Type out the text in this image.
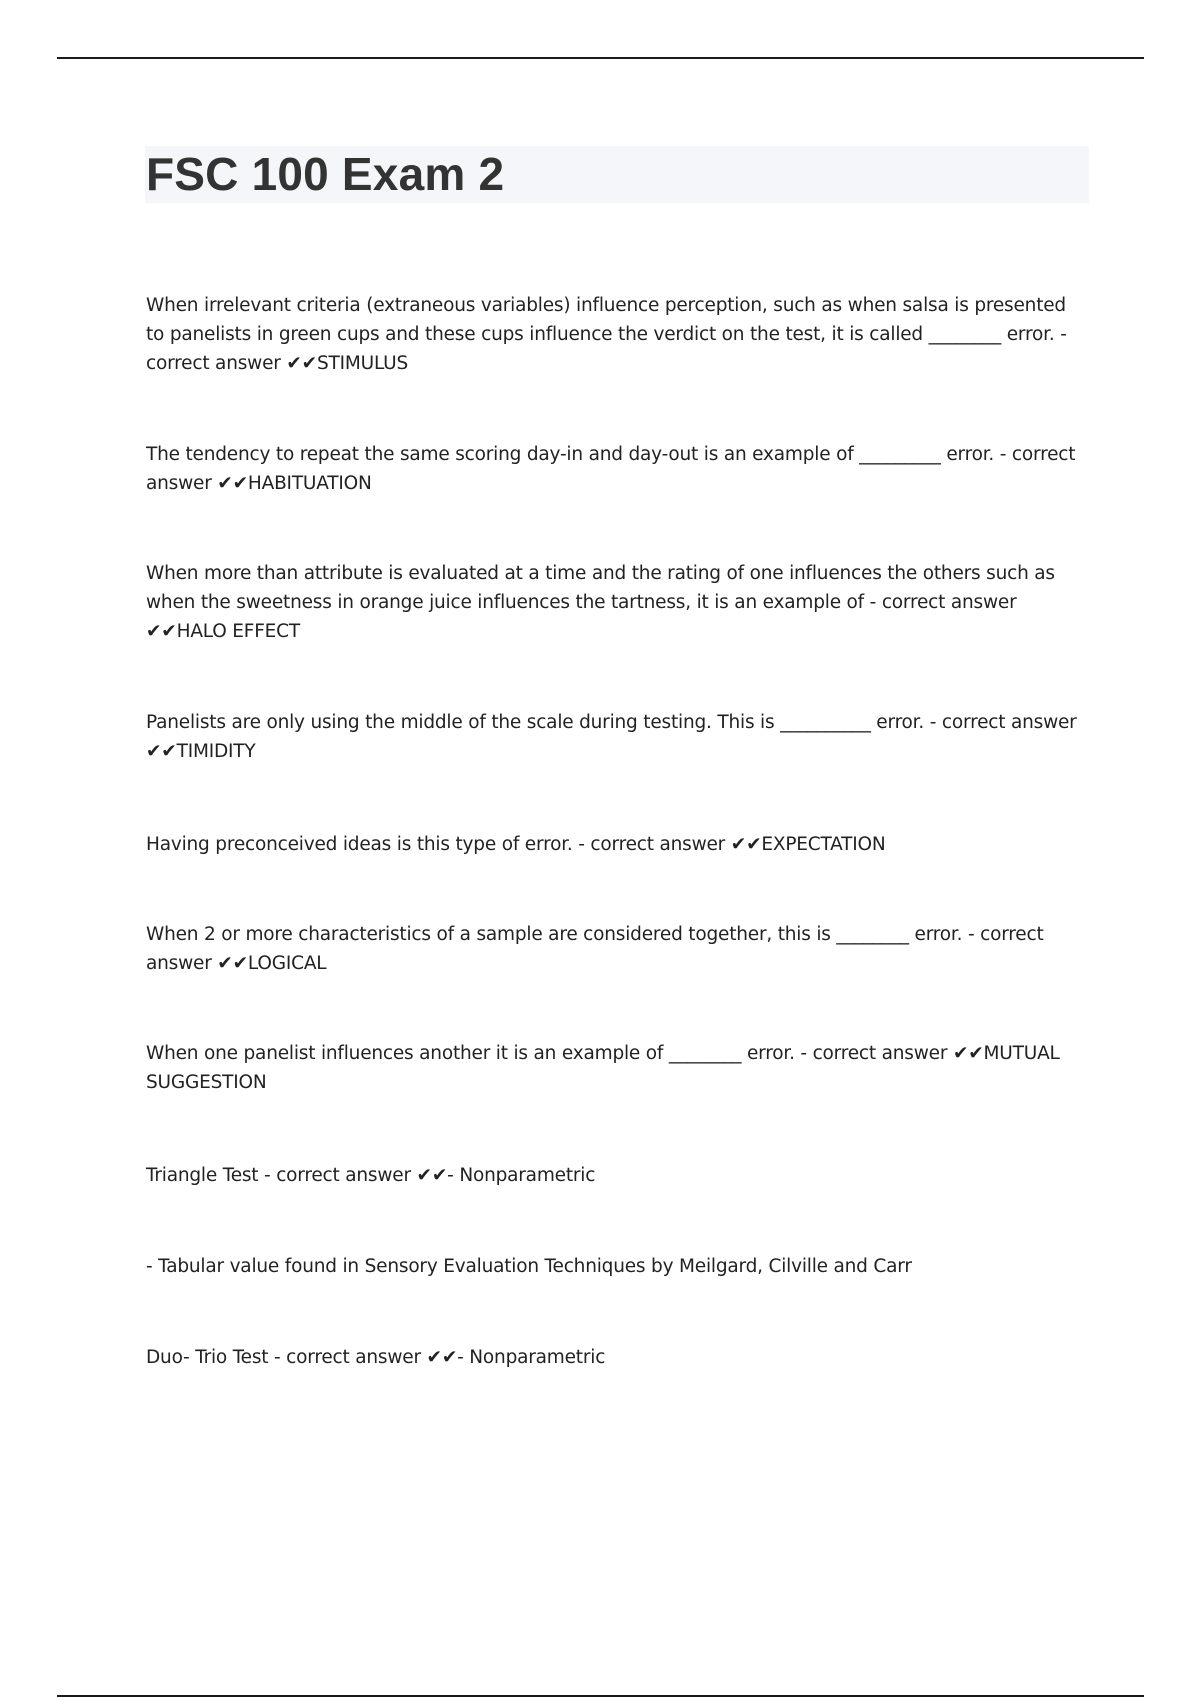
FSC 100 Exam 2

When irrelevant criteria (extraneous variables) influence perception, such as when salsa is presented to panelists in green cups and these cups influence the verdict on the test, it is called ________ error. - correct answer ✔✔STIMULUS

The tendency to repeat the same scoring day-in and day-out is an example of _________ error. - correct answer ✔✔HABITUATION

When more than attribute is evaluated at a time and the rating of one influences the others such as when the sweetness in orange juice influences the tartness, it is an example of - correct answer ✔✔HALO EFFECT

Panelists are only using the middle of the scale during testing. This is __________ error. - correct answer ✔✔TIMIDITY

Having preconceived ideas is this type of error. - correct answer ✔✔EXPECTATION

When 2 or more characteristics of a sample are considered together, this is ________ error. - correct answer ✔✔LOGICAL

When one panelist influences another it is an example of ________ error. - correct answer ✔✔MUTUAL SUGGESTION

Triangle Test - correct answer ✔✔- Nonparametric

- Tabular value found in Sensory Evaluation Techniques by Meilgard, Cilville and Carr

Duo- Trio Test - correct answer ✔✔- Nonparametric
